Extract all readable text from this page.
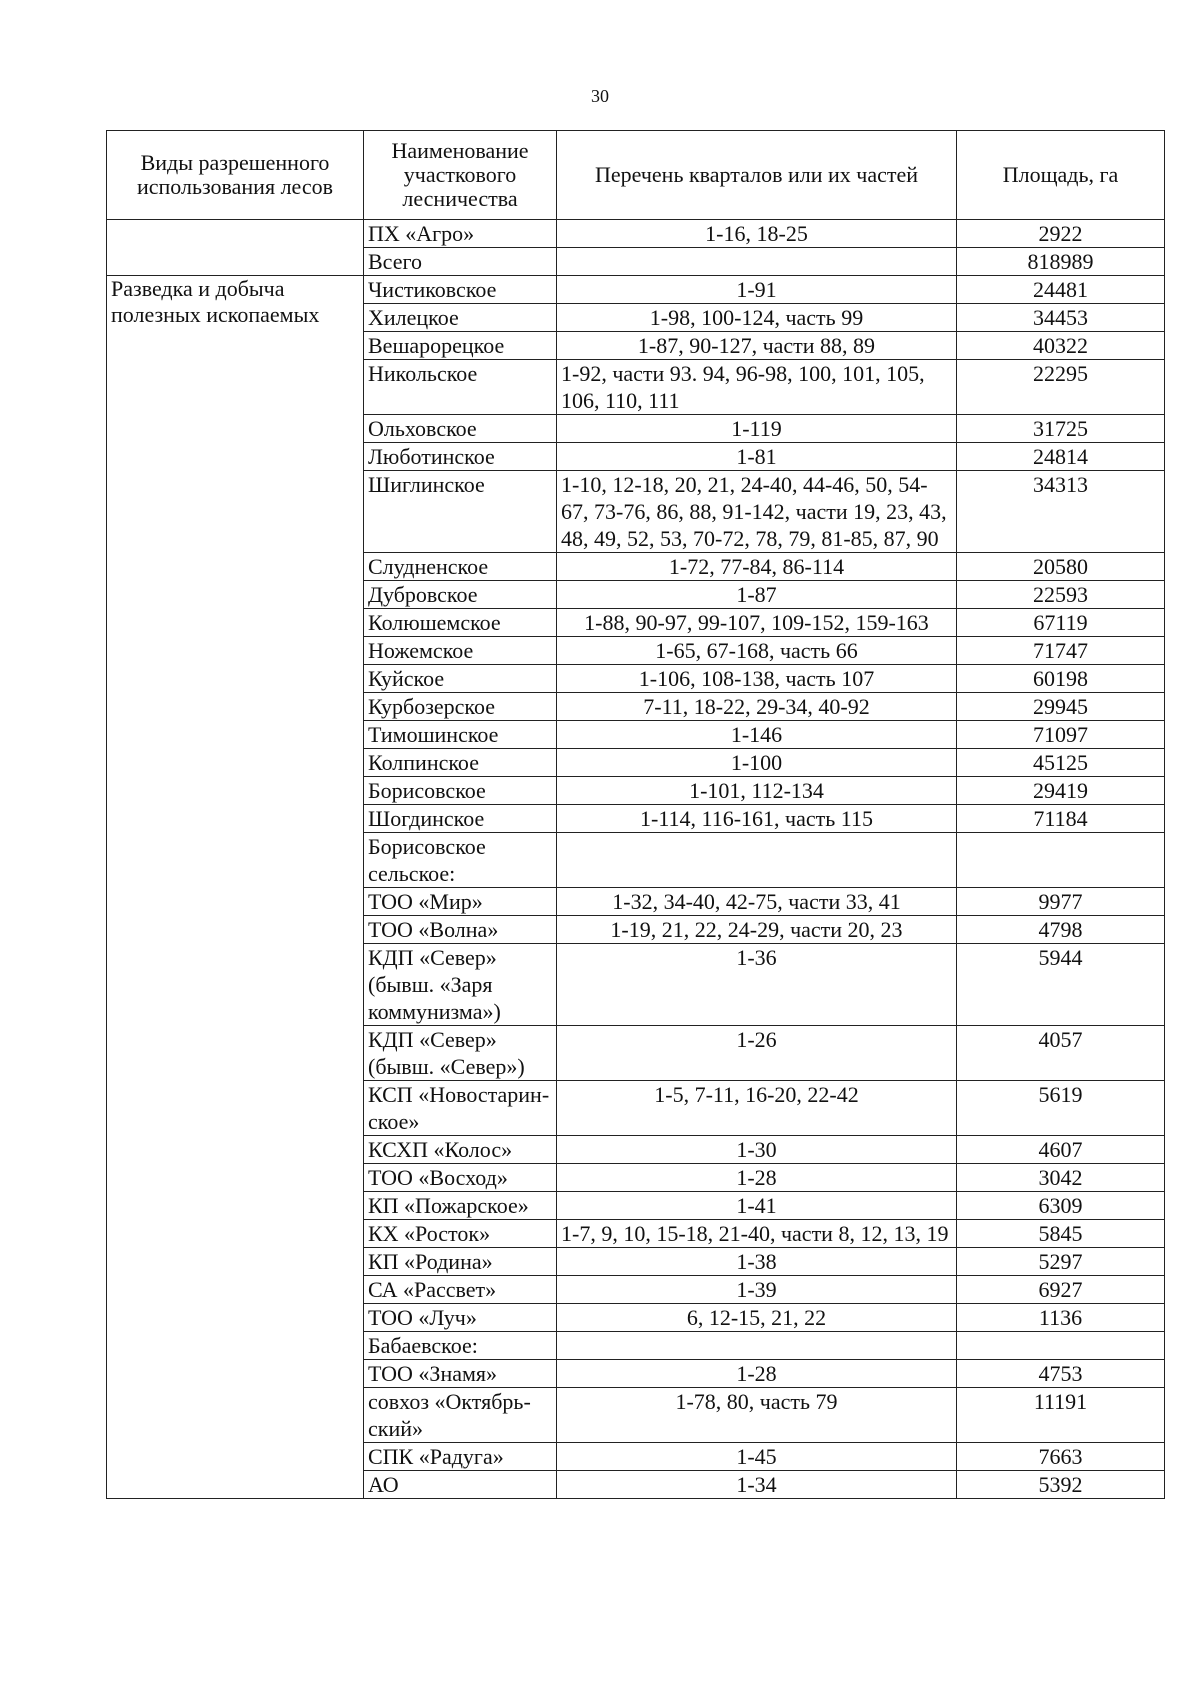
30
Виды разрешенного использования лесов	Наименование участкового лесничества	Перечень кварталов или их частей	Площадь, га
	ПХ «Агро»	1-16, 18-25	2922
	Всего		818989
Разведка и добыча полезных ископаемых	Чистиковское	1-91	24481
	Хилецкое	1-98, 100-124, часть 99	34453
	Вешарорецкое	1-87, 90-127, части 88, 89	40322
	Никольское	1-92, части 93. 94, 96-98, 100, 101, 105, 106, 110, 111	22295
	Ольховское	1-119	31725
	Люботинское	1-81	24814
	Шиглинское	1-10, 12-18, 20, 21, 24-40, 44-46, 50, 54-67, 73-76, 86, 88, 91-142, части 19, 23, 43, 48, 49, 52, 53, 70-72, 78, 79, 81-85, 87, 90	34313
	Слудненское	1-72, 77-84, 86-114	20580
	Дубровское	1-87	22593
	Колюшемское	1-88, 90-97, 99-107, 109-152, 159-163	67119
	Ножемское	1-65, 67-168, часть 66	71747
	Куйское	1-106, 108-138, часть 107	60198
	Курбозерское	7-11, 18-22, 29-34, 40-92	29945
	Тимошинское	1-146	71097
	Колпинское	1-100	45125
	Борисовское	1-101, 112-134	29419
	Шогдинское	1-114, 116-161, часть 115	71184
	Борисовское сельское:		
	ТОО «Мир»	1-32, 34-40, 42-75, части 33, 41	9977
	ТОО «Волна»	1-19, 21, 22, 24-29, части 20, 23	4798
	КДП «Север» (бывш. «Заря коммунизма»)	1-36	5944
	КДП «Север» (бывш. «Север»)	1-26	4057
	КСП «Новостарин-ское»	1-5, 7-11, 16-20, 22-42	5619
	КСХП «Колос»	1-30	4607
	ТОО «Восход»	1-28	3042
	КП «Пожарское»	1-41	6309
	КХ «Росток»	1-7, 9, 10, 15-18, 21-40, части 8, 12, 13, 19	5845
	КП «Родина»	1-38	5297
	СА «Рассвет»	1-39	6927
	ТОО «Луч»	6, 12-15, 21, 22	1136
	Бабаевское:		
	ТОО «Знамя»	1-28	4753
	совхоз «Октябрь-ский»	1-78, 80, часть 79	11191
	СПК «Радуга»	1-45	7663
	АО	1-34	5392
